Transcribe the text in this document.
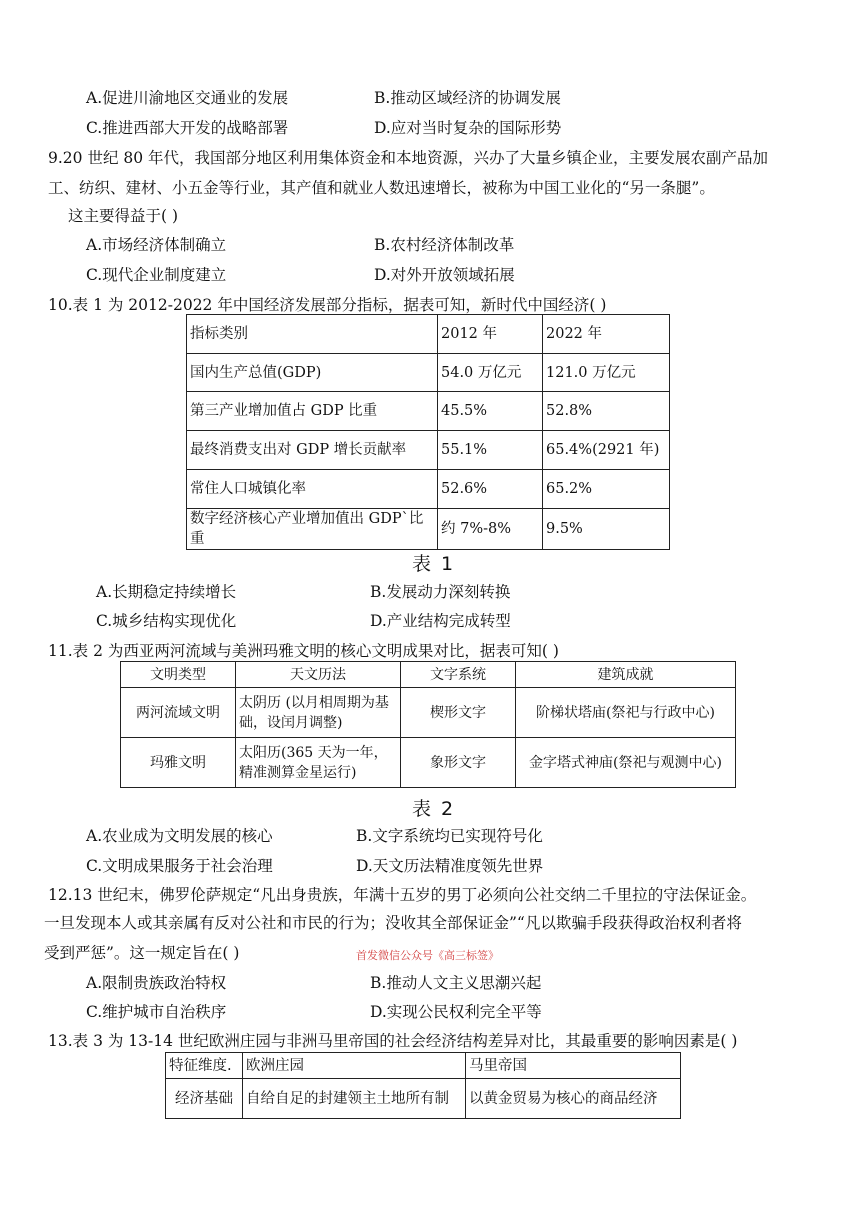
A.促进川渝地区交通业的发展	B.推动区域经济的协调发展
C.推进西部大开发的战略部署	D.应对当时复杂的国际形势
9.20 世纪 80 年代，我国部分地区利用集体资金和本地资源，兴办了大量乡镇企业，主要发展农副产品加
工、纺织、建材、小五金等行业，其产值和就业人数迅速增长，被称为中国工业化的“另一条腿”。
这主要得益于( )
A.市场经济体制确立	B.农村经济体制改革
C.现代企业制度建立	D.对外开放领域拓展
10.表 1 为 2012-2022 年中国经济发展部分指标，据表可知，新时代中国经济( )
指标类别	2012 年	2022 年
国内生产总值(GDP)	54.0 万亿元	121.0 万亿元
第三产业增加值占 GDP 比重	45.5%	52.8%
最终消费支出对 GDP 增长贡献率	55.1%	65.4%(2921 年)
常住人口城镇化率	52.6%	65.2%
数字经济核心产业增加值出 GDP`比重	约 7%-8%	9.5%
表 1
A.长期稳定持续增长	B.发展动力深刻转换
C.城乡结构实现优化	D.产业结构完成转型
11.表 2 为西亚两河流域与美洲玛雅文明的核心文明成果对比，据表可知( )
文明类型	天文历法	文字系统	建筑成就
两河流域文明	太阴历 (以月相周期为基础，设闰月调整)	楔形文字	阶梯状塔庙(祭祀与行政中心)
玛雅文明	太阳历(365 天为一年，精准测算金星运行)	象形文字	金字塔式神庙(祭祀与观测中心)
表 2
A.农业成为文明发展的核心	B.文字系统均已实现符号化
C.文明成果服务于社会治理	D.天文历法精准度领先世界
12.13 世纪末，佛罗伦萨规定“凡出身贵族，年满十五岁的男丁必须向公社交纳二千里拉的守法保证金。
一旦发现本人或其亲属有反对公社和市民的行为；没收其全部保证金”“凡以欺骗手段获得政治权利者将
受到严惩”。这一规定旨在( )	首发微信公众号《高三标签》
A.限制贵族政治特权	B.推动人文主义思潮兴起
C.维护城市自治秩序	D.实现公民权利完全平等
13.表 3 为 13-14 世纪欧洲庄园与非洲马里帝国的社会经济结构差异对比，其最重要的影响因素是( )
特征维度.	欧洲庄园	马里帝国
经济基础	自给自足的封建领主土地所有制	以黄金贸易为核心的商品经济
